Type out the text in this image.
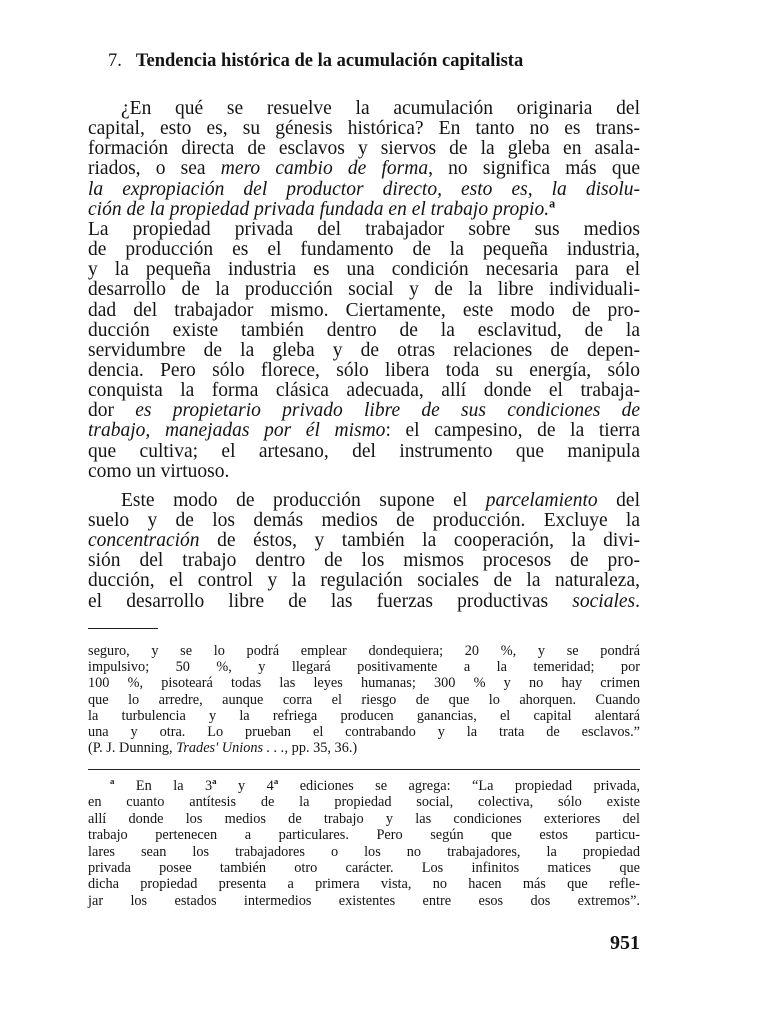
7. Tendencia histórica de la acumulación capitalista
¿En qué se resuelve la acumulación originaria del
capital, esto es, su génesis histórica? En tanto no es trans-
formación directa de esclavos y siervos de la gleba en asala-
riados, o sea mero cambio de forma, no significa más que
la expropiación del productor directo, esto es, la disolu-
ción de la propiedad privada fundada en el trabajo propio.$^a$
La propiedad privada del trabajador sobre sus medios
de producción es el fundamento de la pequeña industria,
y la pequeña industria es una condición necesaria para el
desarrollo de la producción social y de la libre individuali-
dad del trabajador mismo. Ciertamente, este modo de pro-
ducción existe también dentro de la esclavitud, de la
servidumbre de la gleba y de otras relaciones de depen-
dencia. Pero sólo florece, sólo libera toda su energía, sólo
conquista la forma clásica adecuada, allí donde el trabaja-
dor es propietario privado libre de sus condiciones de
trabajo, manejadas por él mismo: el campesino, de la tierra
que cultiva; el artesano, del instrumento que manipula
como un virtuoso.
Este modo de producción supone el parcelamiento del
suelo y de los demás medios de producción. Excluye la
concentración de éstos, y también la cooperación, la divi-
sión del trabajo dentro de los mismos procesos de pro-
ducción, el control y la regulación sociales de la naturaleza,
el desarrollo libre de las fuerzas productivas sociales.
seguro, y se lo podrá emplear dondequiera; 20 %, y se pondrá
impulsivo; 50 %, y llegará positivamente a la temeridad; por
100 %, pisoteará todas las leyes humanas; 300 % y no hay crimen
que lo arredre, aunque corra el riesgo de que lo ahorquen. Cuando
la turbulencia y la refriega producen ganancias, el capital alentará
una y otra. Lo prueban el contrabando y la trata de esclavos.”
(P. J. Dunning, Trades' Unions . . ., pp. 35, 36.)
$^a$ En la 3$^a$ y 4$^a$ ediciones se agrega: “La propiedad privada,
en cuanto antítesis de la propiedad social, colectiva, sólo existe
allí donde los medios de trabajo y las condiciones exteriores del
trabajo pertenecen a particulares. Pero según que estos particu-
lares sean los trabajadores o los no trabajadores, la propiedad
privada posee también otro carácter. Los infinitos matices que
dicha propiedad presenta a primera vista, no hacen más que refle-
jar los estados intermedios existentes entre esos dos extremos”.
951
